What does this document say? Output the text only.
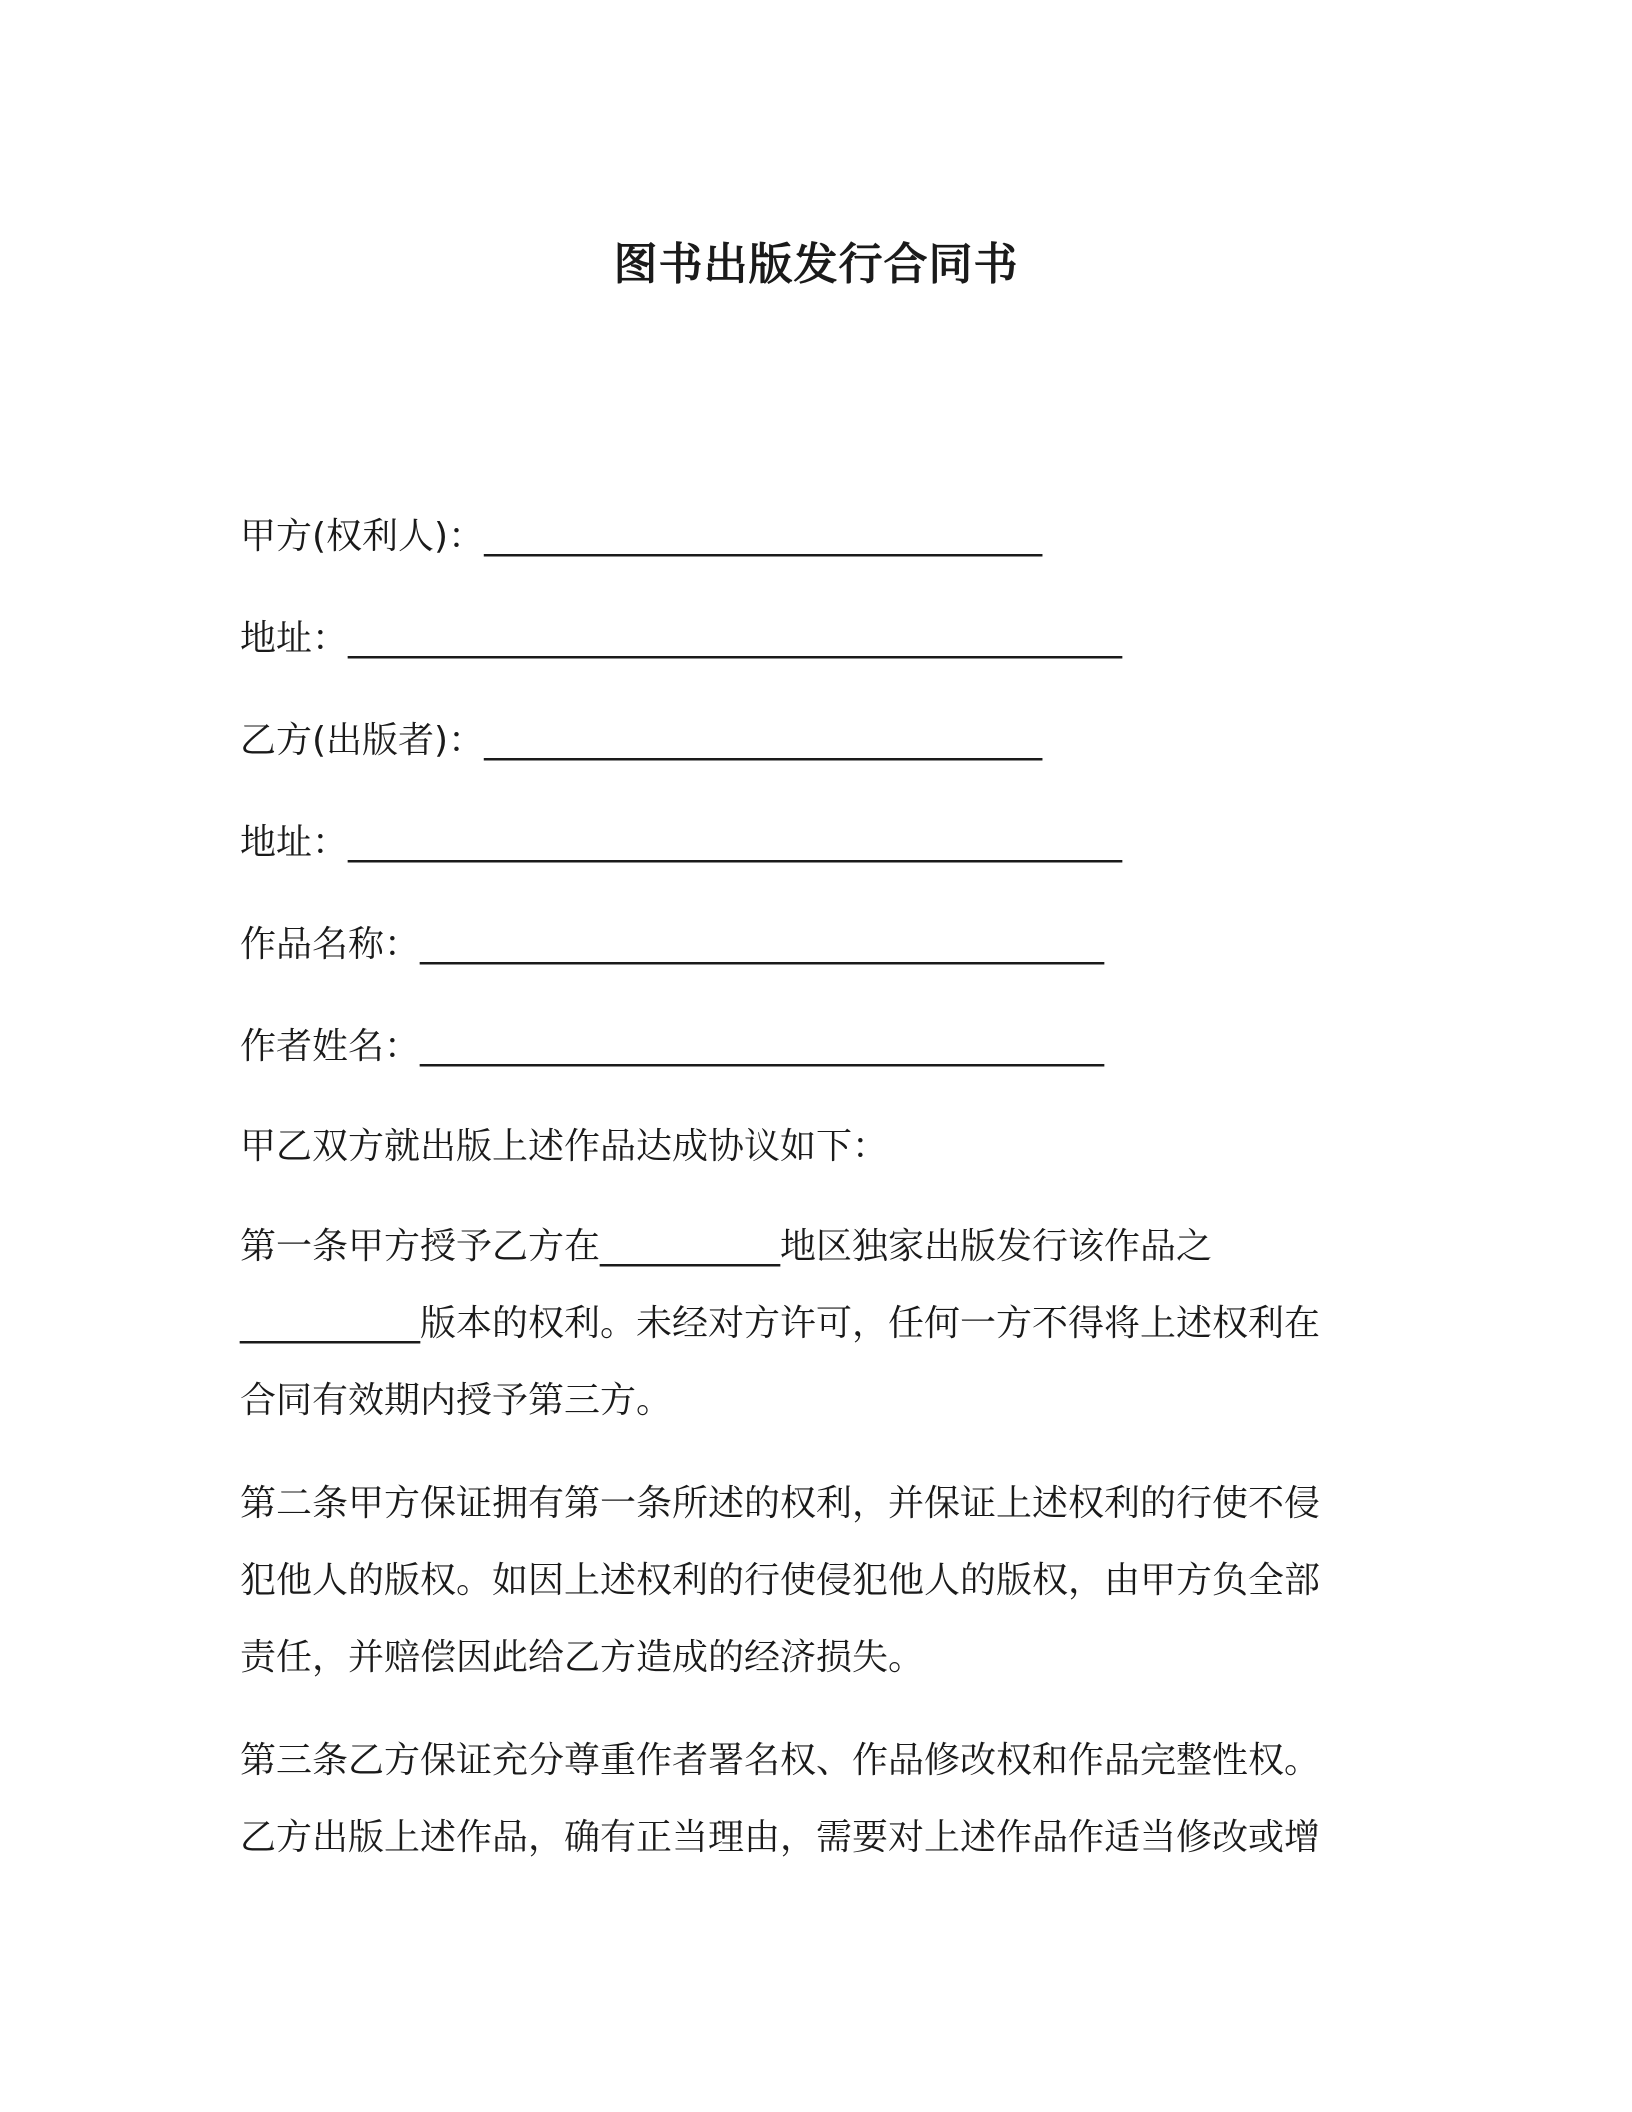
图书出版发行合同书
甲方(权利人)：_______________________________
地址：___________________________________________
乙方(出版者)：_______________________________
地址：___________________________________________
作品名称：______________________________________
作者姓名：______________________________________
甲乙双方就出版上述作品达成协议如下：
第一条甲方授予乙方在__________地区独家出版发行该作品之
__________版本的权利。未经对方许可，任何一方不得将上述权利在
合同有效期内授予第三方。
第二条甲方保证拥有第一条所述的权利，并保证上述权利的行使不侵
犯他人的版权。如因上述权利的行使侵犯他人的版权，由甲方负全部
责任，并赔偿因此给乙方造成的经济损失。
第三条乙方保证充分尊重作者署名权、作品修改权和作品完整性权。
乙方出版上述作品，确有正当理由，需要对上述作品作适当修改或增
